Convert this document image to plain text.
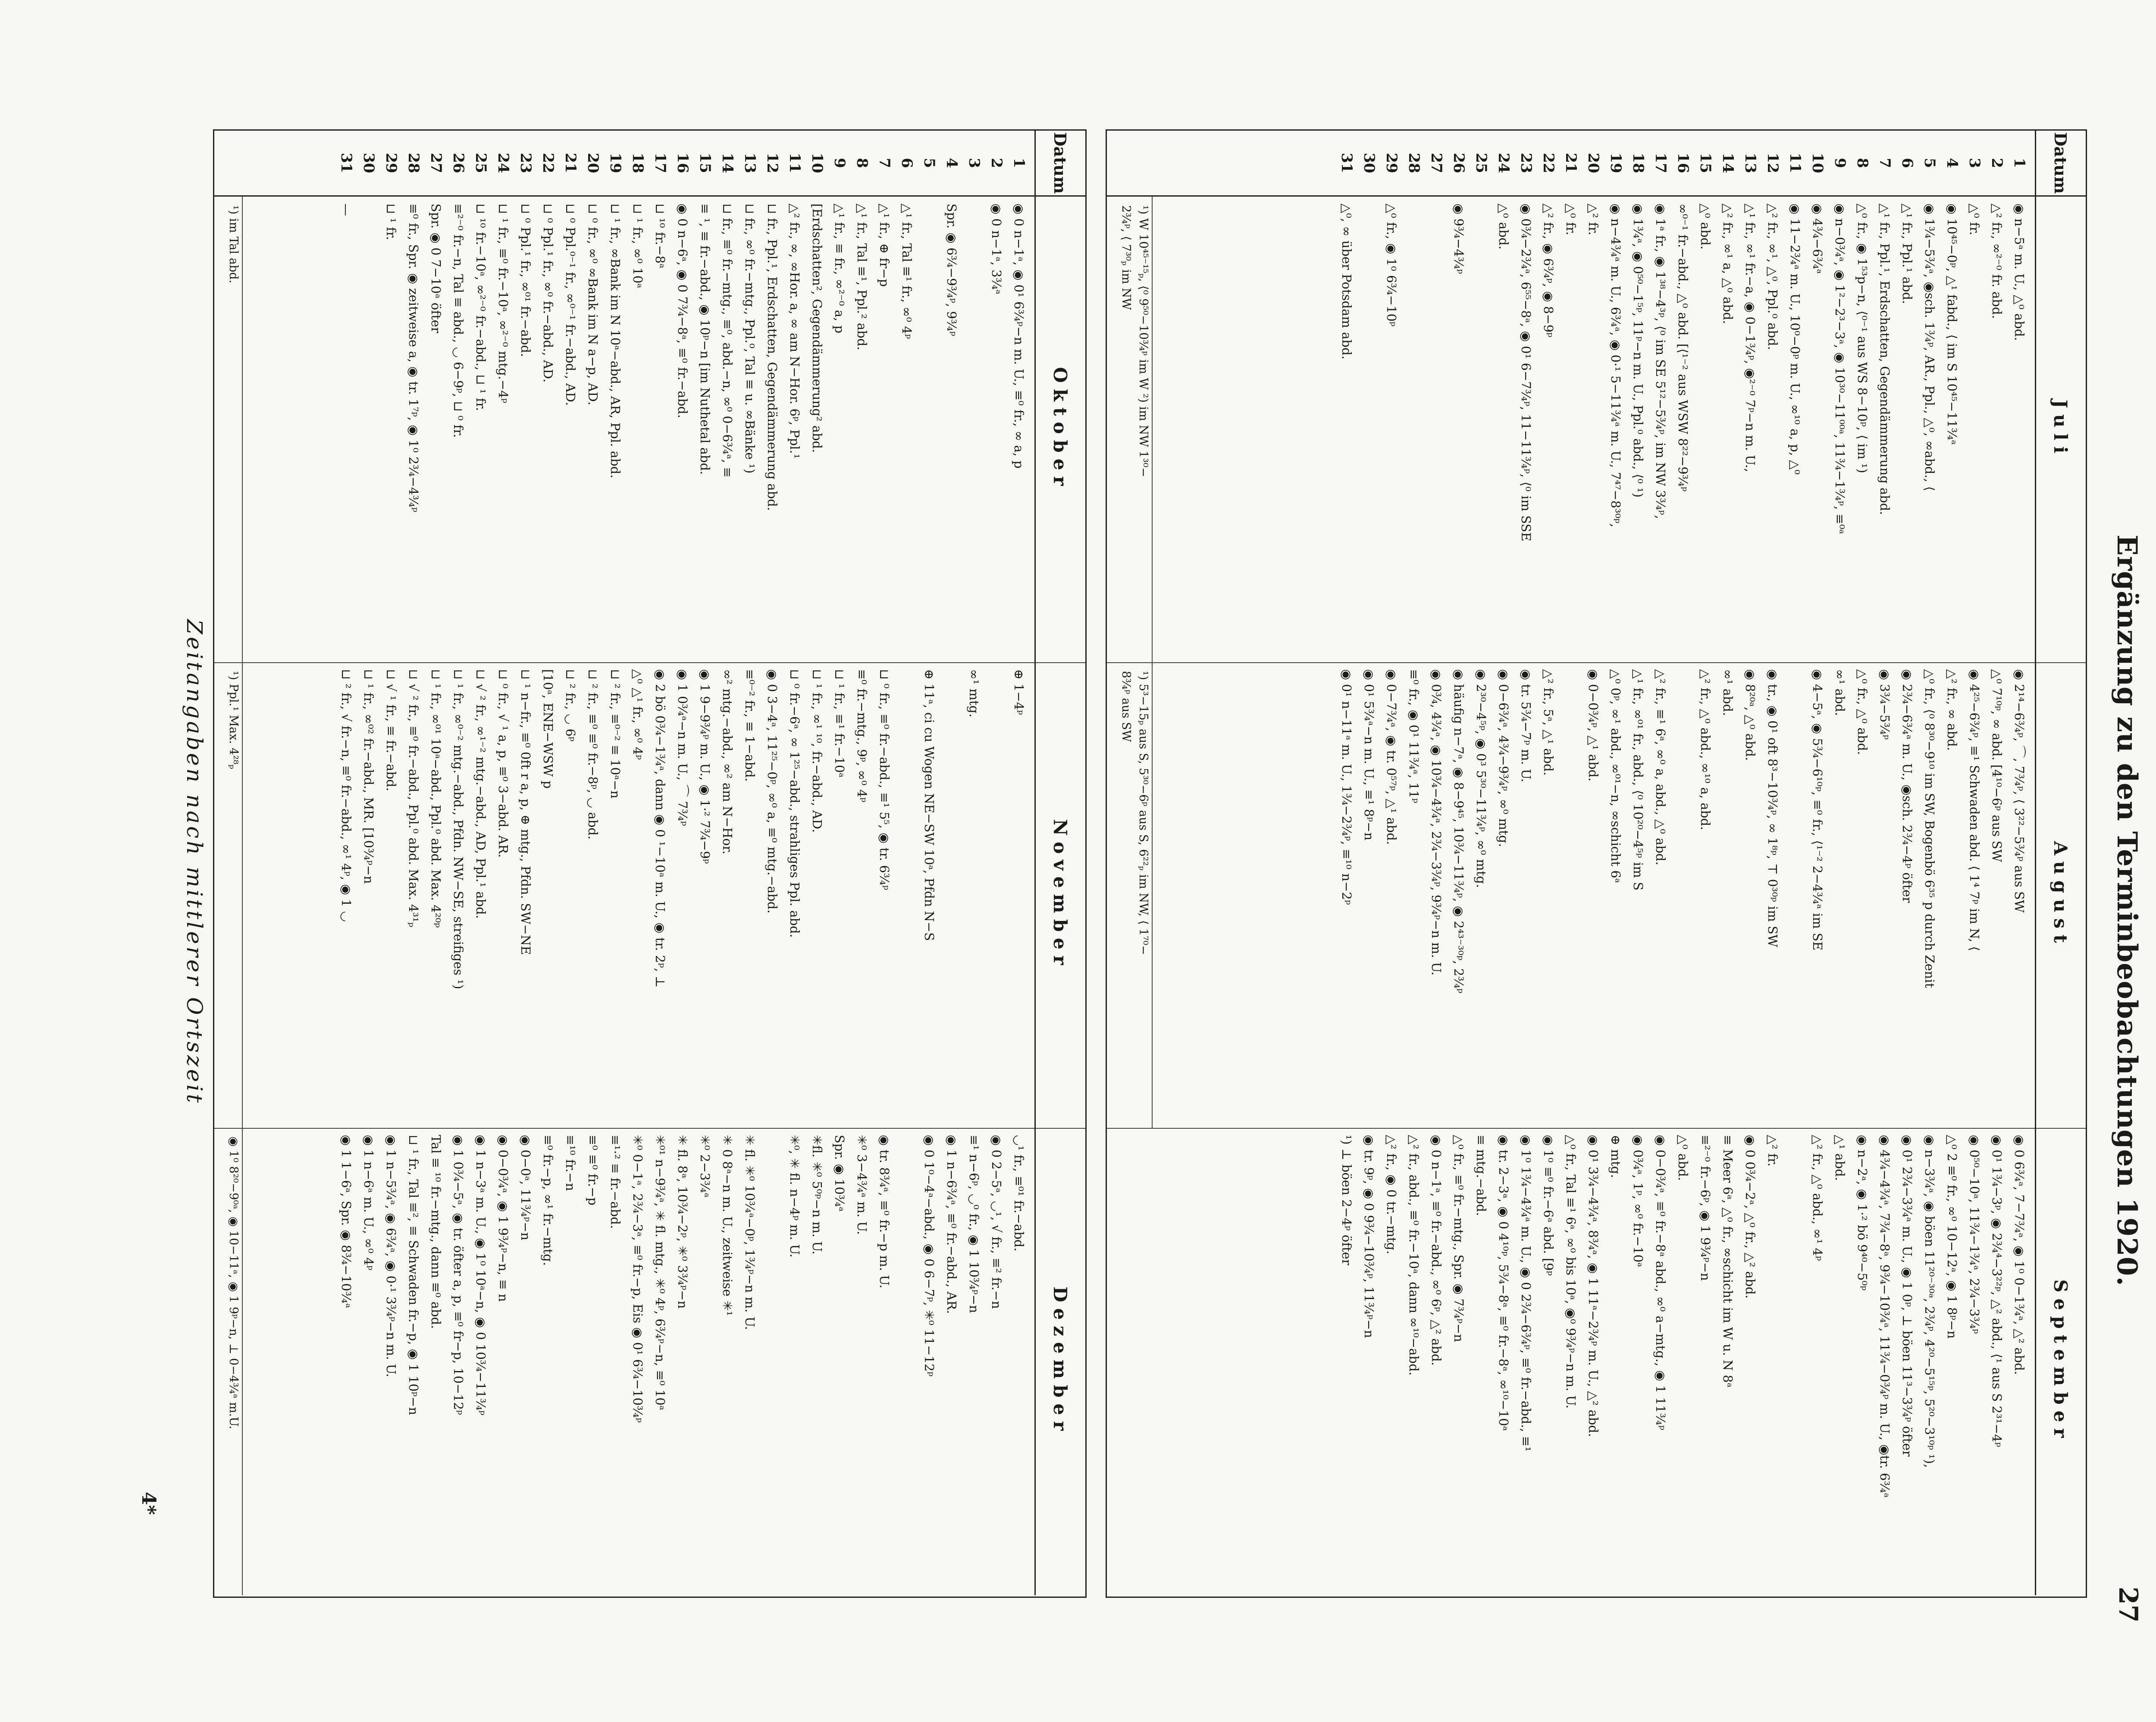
Ergänzung zu den Terminbeobachtungen 1920.
27
Datum
1
2
3
4
5
6
7
8
9
10
11
12
13
14
15
16
17
18
19
20
21
22
23
24
25
26
27
28
29
30
31
Juli
◉ n−5ᵃ m. U., △⁰ abd.
△² fr., ∞²⁻⁰ fr. abd.
△⁰ fr.
◉ 10⁴⁵−0ᵖ, △¹ fabd., ⟨ im S 10⁴⁵−11¾ᵃ
◉ 1¾−5¾ᵃ, ◉sch. 1¾ᵖ, AR., Ppl., △⁰, ∞abd., ⟨
△¹ fr., Ppl.¹ abd.
△¹ fr., Ppl.¹, Erdschatten, Gegendämmerung abd.
△⁰ fr., ◉ 1⁵³p−n, ⟨⁰⁻¹ aus WS 8−10ᵖ, ⟨ im ¹)
◉ n−0¾ᵃ, ◉ 1²−2³−3ᵃ, ◉ 10³⁰−11⁰⁰ᵃ, 11¾−1¾ᵖ, ≡⁰ᵃ
◉ 4¾−6¾ᵃ
◉ 11−2¾ᵃ m. U., 10⁰−0ᵖ m. U., ∞¹⁰ a, p, △⁰
△² fr., ∞¹, △⁰, Ppl.⁰ abd.
△¹ fr., ∞¹ fr.−a, ◉ 0−1¾ᵖ, ◉²⁻⁰ 7ᵖ−n m. U.,
△² fr., ∞¹ a, △⁰ abd.
△⁰ abd.
∞⁰⁻¹ fr.−abd., △⁰ abd. [⟨¹⁻² aus WSW 8²²−9¾ᵖ
◉ 1ᵃ fr., ◉ 1³⁸−4³ᵖ, ⟨⁰ im SE 5¹²−5¾ᵖ, im NW 3¾ᵖ,
◉ 1¾ᵃ, ◉ 0⁵⁰−1⁵ᵖ, 11ᵖ−n m. U., Ppl.⁰ abd., ⟨⁰ ¹)
◉ n−4¾ᵃ m. U., 6¾ᵃ, ◉ 0·¹ 5−11¾ᵃ m. U., 7⁴⁷−8³⁰ᵖ,
△² fr.
△⁰ fr.
△² fr., ◉ 6¾ᵖ, ◉ 8−9ᵖ
◉ 0¾−2¾ᵃ, 6⁵⁵−8ᵃ, ◉ 0¹ 6−7¾ᵖ, 11−11¾ᵖ, ⟨⁰ im SSE
△⁰ abd.
◉ 9¾−4¾ᵖ
△⁰ fr., ◉ 1⁰ 6¾−10ᵖ
△⁰, ∞ über Potsdam abd.
¹) W 10⁴⁵⁻¹⁵ₚ, ⟨⁰ 9⁵⁰−10¾ᵖ im W ²) im NW 1³⁰−
2¾ᵖ, ⟨ 7³⁰ₚ im NW
August
◉ 2¹⁴−6¾ᵖ, ⌒, 7¾ᵖ, ⟨ 3²²−5¾ᵖ aus SW
△⁰ 7¹⁰ᵖ, ∞ abd. [4¹⁰−6ᵖ aus SW
◉ 4²⁵−6¾ᵖ, ≡¹ Schwaden abd. ⟨ 1⁴ 7ᵖ im N, ⟨
△² fr., ∞ abd.
△⁰ fr., ⟨⁰ 8³⁰−9¹⁰ im SW, Bogenbö 6³⁵ p durch Zenit
◉ 2¾−6¾ᵃ m. U., ◉sch. 2¾−4ᵖ öfter
◉ 3¾−5¾ᵖ
△⁰ fr., △⁰ abd.
∞¹ abd.
◉ 4−5ᵃ, ◉ 5¾−6¹⁰ᵖ, ≡⁰ fr., ⟨¹⁻² 2−4¾ᵃ im SE
◉ tr., ◉ 0¹ oft 8³−10¾ᵖ, ∞ 1⁸ᵖ, ⊤ 0³⁰ᵖ im SW
◉ 8²⁰ᵃ, △⁰ abd.
∞¹ abd.
△² fr., △⁰ abd., ∞¹⁰ a, abd.
△² fr., ≡¹ 6ᵃ, ∞⁰ a, abd., △⁰ abd.
△¹ fr., ∞⁰¹ fr., abd., ⟨⁰ 10²⁰−4⁵ᵖ im S
△⁰ 0ᵖ, ∞¹ abd., ∞⁰¹−n, ∞schicht 6ᵃ
◉ 0−0¾ᵖ, △¹ abd.
△² fr., 5ᵃ, △¹ abd.
◉ tr. 5¾−7ᵖ m. U.
◉ 0−6¾ᵃ, 4¾−9¾ᵖ, ∞⁰ mtg.
◉ 2³⁰−4⁵ᵖ, ◉ 0³ 5³⁰−11¾ᵖ, ∞⁰ mtg.
◉ häufig n−7ᵃ, ◉ 8−9⁴⁵, 10¾−11¾ᵖ, ◉ 2⁴³⁻³⁰ᵖ, 2¾ᵖ
◉ 0¾, 4¾ᵃ, ◉ 10¾−4¾ᵃ, 2¾−3¾ᵖ, 9¾ᵖ−n m. U.
≡⁰ fr., ◉ 0¹ 11¾ᵃ, 11ᵖ
◉ 0−7¾ᵃ, ◉ tr. 0⁵⁷ᵖ, △¹ abd.
◉ 0¹ 5¾ᵃ−n m. U., ≡¹ 8ᵖ−n
◉ 0¹ n−11ᵃ m. U., 1¾−2¾ᵖ, ≡¹⁰ n−2ᵖ
¹) 5³−15ₚ aus S, 5³⁰−6ᵖ aus S, 6²²ₚ im NW, ⟨ 1⁷⁰−
8¾ᵖ aus SW
September
◉ 0 6¾ᵃ, 7−7¾ᵃ, ◉ 1⁰ 0−1¾ᵃ, △² abd.
◉ 0¹ 1¾−3ᵖ, ◉ 2¾⁴−3²²ᵖ, △² abd., ⟨¹ aus S 2³¹−4ᵖ
◉ 0⁵⁰−10ᵃ, 11¾−1¾ᵃ, 2¾−3¾ᵖ
△⁰ 2 ≡⁰ fr., ∞⁰ 10−12ᵃ, ◉ 1 8ᵖ−n
◉ n−3¾ᵃ, ◉ böen 11²⁰⁻³⁰ᵃ, 2¾ᵖ, 4²⁰−5¹⁵ᵖ, 5²⁰−3¹⁰ᵖ ¹),
◉ 0¹ 2¾−3¾ᵃ m. U., ◉ 1 0ᵖ, ⊥ böen 11³−3¾ᵖ öfter
◉ 4¾−4¾ᵃ, 7¾−8ᵃ, 9¾−10¾ᵃ, 11¾−0¾ᵖ m. U., ◉tr. 6¾ᵃ
◉ n−2ᵃ, ◉ 1·² bö 9⁴⁰−5⁰ᵖ
△¹ abd.
△² fr., △⁰ abd., ∞¹ 4ᵖ
△² fr.
◉ 0 0¾−2ᵃ, △⁰ fr., △² abd.
≡ Meer 6ᵃ, △⁰ fr., ∞schicht im W u. N 8ᵃ
≡²⁻⁰ fr.−6ᵖ, ◉ 1 9¾ᵖ−n
△⁰ abd.
◉ 0−0¾ᵃ, ≡⁰ fr.−8ᵃ abd., ∞⁰ a−mtg., ◉ 1 11¾ᵖ
◉ 0¾ᵃ, 1ᵖ, ∞⁰ fr.−10ᵃ
⊕ mtg.
◉ 0¹ 3¾−4¾ᵃ, 8¾ᵃ, ◉ 1 11ᵃ−2¾ᵖ m. U., △² abd.
△⁰ fr., Tal ≡¹ 6ᵃ, ∞⁰ bis 10ᵃ, ◉⁰ 9¾ᵖ−n m. U.
◉ 1⁰ ≡⁰ fr.−6ᵃ abd. [9ᵖ
◉ 1⁰ 1¾−4¾ᵃ m. U., ◉ 0 2¾−6¾ᵖ, ≡⁰ fr.−abd., ≡¹
◉ tr. 2−3ᵃ, ◉ 0 4¹⁰ᵖ, 5¾−8ᵃ, ≡⁰ fr.−8ᵃ, ∞¹⁰−10ᵃ
≡ mtg.−abd.
△⁰ fr., ≡⁰ fr.−mtg., Spr. ◉ 7¾ᵖ−n
◉ 0 n−1ᵃ, ≡⁰ fr.−abd., ∞⁰ 6ᵖ, △² abd.
△² fr., abd., ≡⁰ fr.−10ᵃ, dann ∞¹⁰−abd.
△² fr., ◉ 0 tr.−mtg.
◉ tr. 9ᵖ, ◉ 0 9¾−10¾ᵖ, 11¾ᵖ−n
¹) ⊥ böen 2−4ᵖ öfter
Datum
1
2
3
4
5
6
7
8
9
10
11
12
13
14
15
16
17
18
19
20
21
22
23
24
25
26
27
28
29
30
31
Oktober
◉ 0 n−1ᵃ, ◉ 0¹ 6¾ᵖ−n m. U., ≡⁰ fr., ∞ a, p
◉ 0 n−1ᵃ, 3¾ᵃ
Spr. ◉ 6¾−9¾ᵖ, 9¾ᵖ
△¹ fr., Tal ≡¹ fr., ∞⁰ 4ᵖ
△¹ fr., ⊕ fr−p
△¹ fr., Tal ≡¹, Ppl.² abd.
△¹ fr., ≡ fr., ∞²⁻⁰ a, p
[Erdschatten², Gegendämmerung² abd.
△² fr., ∞, ∞Hor. a, ∞ am N−Hor. 6ᵖ, Ppl.¹
⊔ fr., Ppl.¹, Erdschatten, Gegendämmerung abd.
⊔ fr., ∞⁰ fr.−mtg., Ppl.⁰, Tal ≡ u. ∞Bänke ¹)
⊔ fr., ≡⁰ fr.−mtg., ≡⁰, abd.−n, ∞⁰ 0−6¾ᵃ, ≡
≡ ¹, ≡ fr.−abd., ◉ 10ᵖ−n [im Nuthetal abd.
◉ 0 n−6ᵃ, ◉ 0 7¾−8ᵃ, ≡⁰ fr.−abd.
⊔ ¹⁰ fr.−8ᵃ
⊔ ¹ fr., ∞⁰ 10ᵃ
⊔ ¹ fr., ∞Bank im N 10ᵃ−abd., AR, Ppl. abd.
⊔ ⁰ fr., ∞⁰ ∞Bank im N a−p, AD.
⊔ ⁰ Ppl.⁰⁻¹ fr., ∞⁰⁻¹ fr.−abd., AD.
⊔ ⁰ Ppl.¹ fr., ∞⁰ fr.−abd., AD.
⊔ ⁰ Ppl.¹ fr., ∞⁰¹ fr.−abd.
⊔ ¹ fr., ≡⁰ fr.−10ᵃ, ∞²⁻⁰ mtg.−4ᵖ
⊔ ¹⁰ fr.−10ᵃ, ∞²⁻⁰ fr.−abd., ⊔ ¹ fr.
≡²⁻⁰ fr.−n, Tal ≡ abd., ◡ 6−9ᵖ, ⊔ ⁰ fr.
Spr. ◉ 0 7−10ᵃ öfter
≡⁰ fr., Spr. ◉ zeitweise a, ◉ tr. 1⁷ᵖ, ◉ 1⁰ 2¾−4¾ᵖ
⊔ ¹ fr.
—
¹) im Tal abd.
November
⊕ 1−4ᵖ
∞¹ mtg.
⊕ 11ᵃ, ci cu Wogen NE−SW 10ᵃ, Pfdn N−S
⊔ ⁰ fr., ≡⁰ fr.−abd., ≡¹ 5⁵, ◉ tr. 6¾ᵖ
≡⁰ fr.−mtg., 9ᵖ, ∞⁰ 4ᵖ
⊔ ¹ fr., ≡¹ fr.−10ᵃ
⊔ ¹ fr., ∞¹ ¹⁰, fr.−abd., AD.
⊔ ⁰ fr.−6ᵃ, ∞ 1²⁵−abd., strahliges Ppl. abd.
◉ 0 3−4ᵃ, 11²⁵−0ᵖ, ∞⁰ a, ≡⁰ mtg.−abd.
≡⁰⁻² fr., ≡ 1−abd.
∞² mtg.−abd., ∞² am N−Hor.
◉ 1 9−9¾ᵖ m. U., ◉ 1·² 7¾−9ᵖ
◉ 1 0¾ᵃ−n m. U., ⌒ 7¾ᵖ
◉ 2 bö 0¾−1¾ᵃ, dann ◉ 0 ¹−10ᵃ m. U., ◉ tr. 2ᵖ, ⊥
△⁰ △¹ fr., ∞⁰ 4ᵖ
⊔ ² fr., ≡⁰⁻² ≡ 10ᵃ−n
⊔ ² fr., ≡⁰ ≡⁰ fr.−8ᵖ, ◡ abd.
⊔ ² fr., ◡ 6ᵖ
[10ᵃ, ENE−WSW p
⊔ ¹ n−fr., ≡⁰ 0ft r a, p, ⊕ mtg., Pfdn. SW−NE
⊔ ⁰ fr., √ ¹ a, p, ≡⁰ 3−abd. AR.
⊔ √ ² fr., ∞¹⁻² mtg.−abd., AD, Ppl.¹ abd.
⊔ ¹ fr., ∞⁰⁻² mtg.−abd., Pfdn. NW−SE, streifiges ¹)
⊔ ¹ fr., ∞⁰¹ 10ᵃ−abd., Ppl.⁰ abd. Max. 4²⁰ᵖ
⊔ √ ² fr., ≡⁰ fr.−abd., Ppl.⁰ abd. Max. 4³¹ₚ
⊔ √ ¹ fr., ≡ fr.−abd.
⊔ ¹ fr., ∞⁰² fr.−abd., MR. [10¾ᵖ−n
⊔ ² fr., √ fr.−n, ≡⁰ fr.−abd., ∞¹ 4ᵖ, ◉ 1 ◡
¹) Ppl.¹ Max. 4²⁸ₚ
Dezember
◡¹ fr., ≡⁰¹ fr.−abd.
◉ 0 2−5ᵃ, ◡¹, √ fr., ≡² fr.−n
≡¹ n−6ᵖ, ◡⁰ fr., ◉ 1 10¾ᵖ−n
◉ 1 n−6¾ᵃ, ≡⁰ fr.−abd., AR.
◉ 0 1⁰−4ᵃ−abd., ◉ 0 6−7ᵖ, ✳⁰ 11−12ᵖ
◉ tr. 8¾ᵃ, ≡⁰ fr.−p m. U.
✳⁰ 3−4¾ᵃ m. U.
Spr. ◉ 10¾ᵃ
✳fl. ✳⁰ 5⁰ᵖ−n m. U.
✳⁰, ✳ fl. n−4ᵖ m. U.
✳ fl. ✳⁰ 10¾ᵃ−0ᵖ, 1¾ᵖ−n m. U.
✳ 0 8ᵃ−n m. U., zeitweise ✳¹
✳⁰ 2−3¾ᵃ
✳ fl. 8ᵃ, 10¾−2ᵖ, ✳⁰ 3¾ᵖ−n
✳⁰¹ n−9¾ᵃ, ✳ fl. mtg., ✳⁰ 4ᵖ, 6¾ᵖ−n, ≡⁰ 10ᵃ
✳⁰ 0−1ᵃ, 2¾−3ᵃ, ≡⁰ fr.−p, Eis ◉ 0¹ 6¾−10¾ᵖ
≡¹·² ≡ fr.−abd.
≡⁰ ≡⁰ fr.−p
≡¹⁰ fr.−n
≡⁰ fr.−p, ∞¹ fr.−mtg.
◉ 0−0ᵃ, 11¾ᵖ−n
◉ 0−0¾ᵃ, ◉ 1 9¾ᵖ−n, ≡ n
◉ 1 n−3ᵃ m. U., ◉ 1⁰ 10ᵃ−n, ◉ 0 10¾−11¾ᵖ
◉ 1 0¾−5ᵃ, ◉ tr. öfter a, p, ≡⁰ fr−p, 10−12ᵖ
Tal ≡ ¹⁰ fr.−mtg., dann ≡⁰ abd.
⊔ ¹ fr., Tal ≡², ≡ Schwaden fr.−p, ◉ 1 10ᵖ−n
◉ 1 n−5¾ᵃ, ◉ 6¾ᵃ, ◉ 0·¹ 3¾ᵖ−n m. U.
◉ 1 n−6ᵃ m. U., ∞⁰ 4ᵖ
◉ 1 1−6ᵃ, Spr. ◉ 8¾−10¾ᵃ
◉ 1⁰ 8²⁰−9⁰ᵃ, ◉ 10−11ᵃ, ◉ 1 9ᵖ−n, ⊥ 0−4¾ᵃ m.U.
Zeitangaben nach mittlerer Ortszeit
4*
